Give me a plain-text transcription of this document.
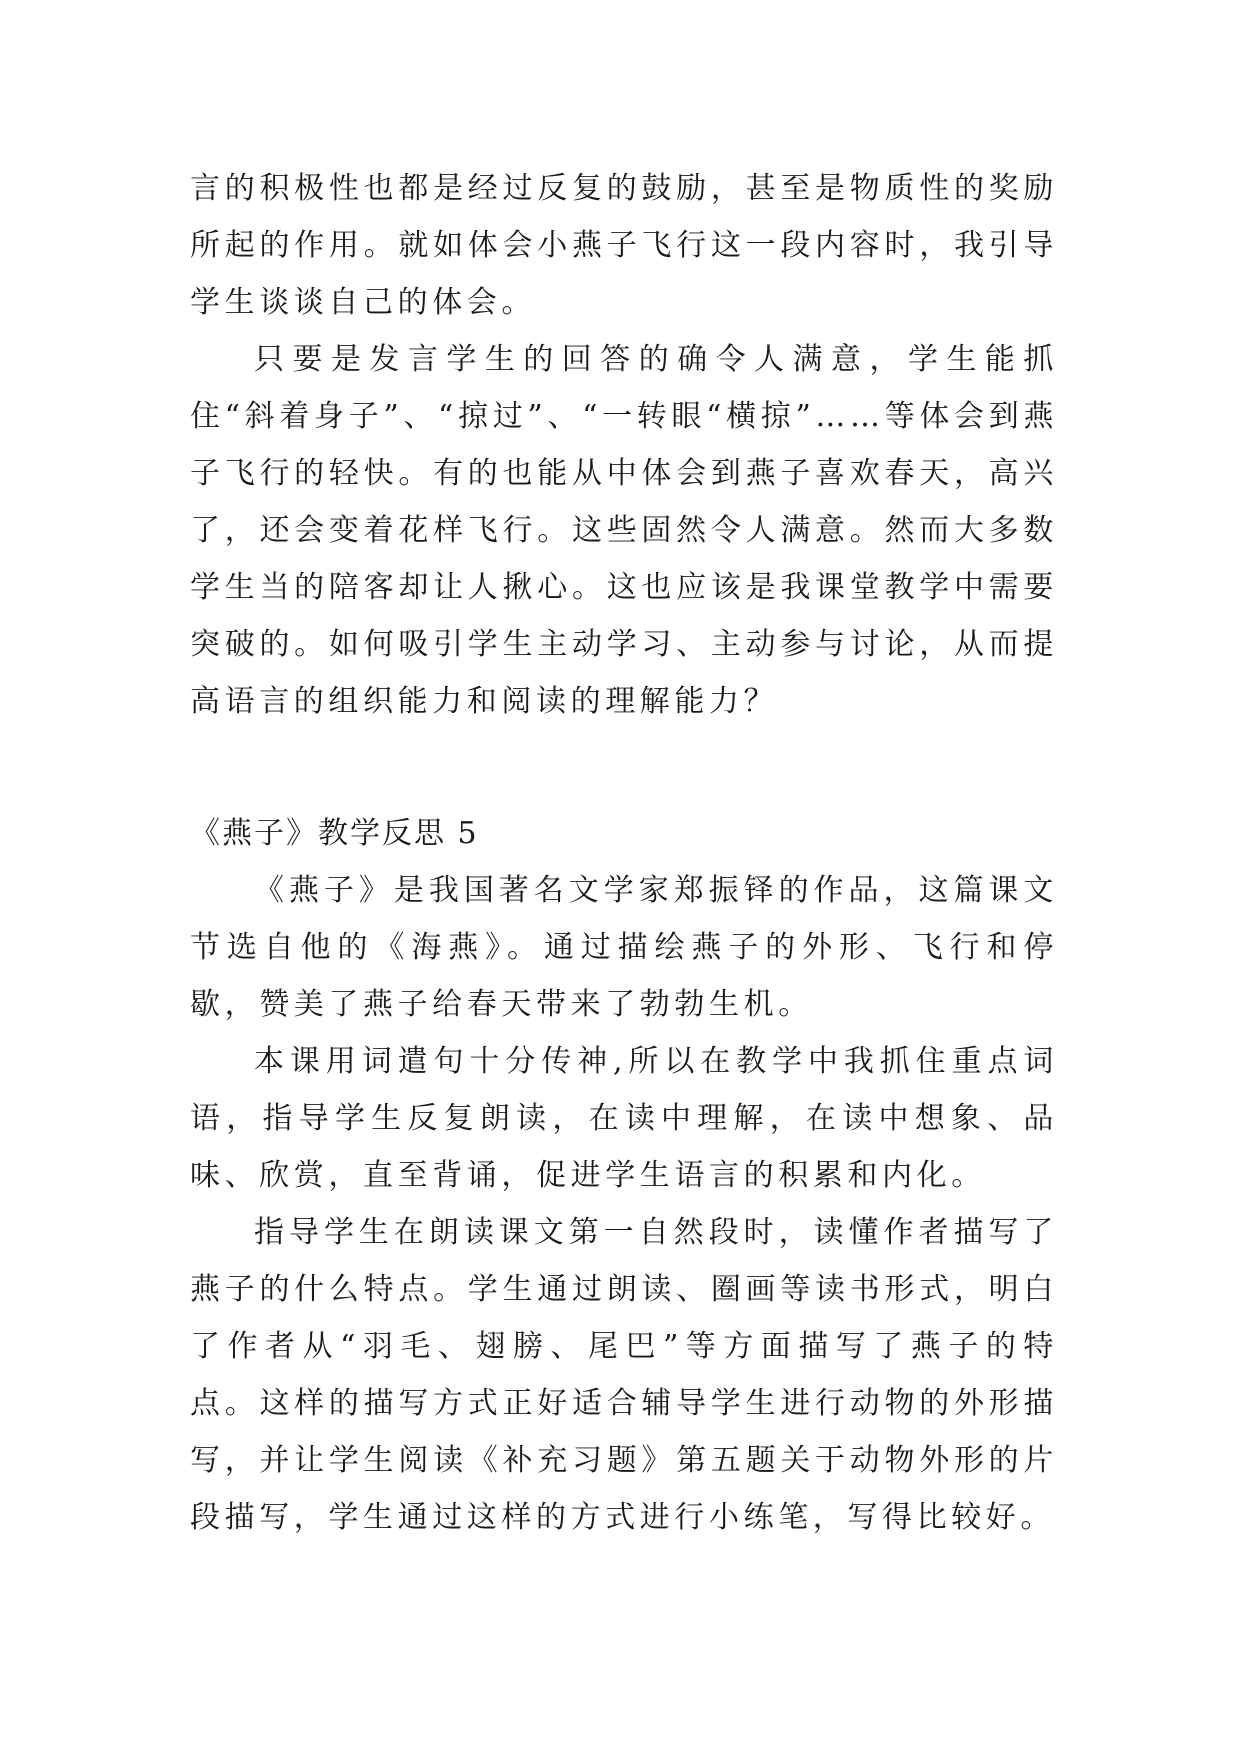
言的积极性也都是经过反复的鼓励，甚至是物质性的奖励所起的作用。就如体会小燕子飞行这一段内容时，我引导学生谈谈自己的体会。

只要是发言学生的回答的确令人满意，学生能抓住“斜着身子”、“掠过”、“一转眼“横掠”……等体会到燕子飞行的轻快。有的也能从中体会到燕子喜欢春天，高兴了，还会变着花样飞行。这些固然令人满意。然而大多数学生当的陪客却让人揪心。这也应该是我课堂教学中需要突破的。如何吸引学生主动学习、主动参与讨论，从而提高语言的组织能力和阅读的理解能力？

《燕子》教学反思 5

《燕子》是我国著名文学家郑振铎的作品，这篇课文节选自他的《海燕》。通过描绘燕子的外形、飞行和停歇，赞美了燕子给春天带来了勃勃生机。

本课用词遣句十分传神,所以在教学中我抓住重点词语，指导学生反复朗读，在读中理解，在读中想象、品味、欣赏，直至背诵，促进学生语言的积累和内化。

指导学生在朗读课文第一自然段时，读懂作者描写了燕子的什么特点。学生通过朗读、圈画等读书形式，明白了作者从“羽毛、翅膀、尾巴”等方面描写了燕子的特点。这样的描写方式正好适合辅导学生进行动物的外形描写，并让学生阅读《补充习题》第五题关于动物外形的片段描写，学生通过这样的方式进行小练笔，写得比较好。
